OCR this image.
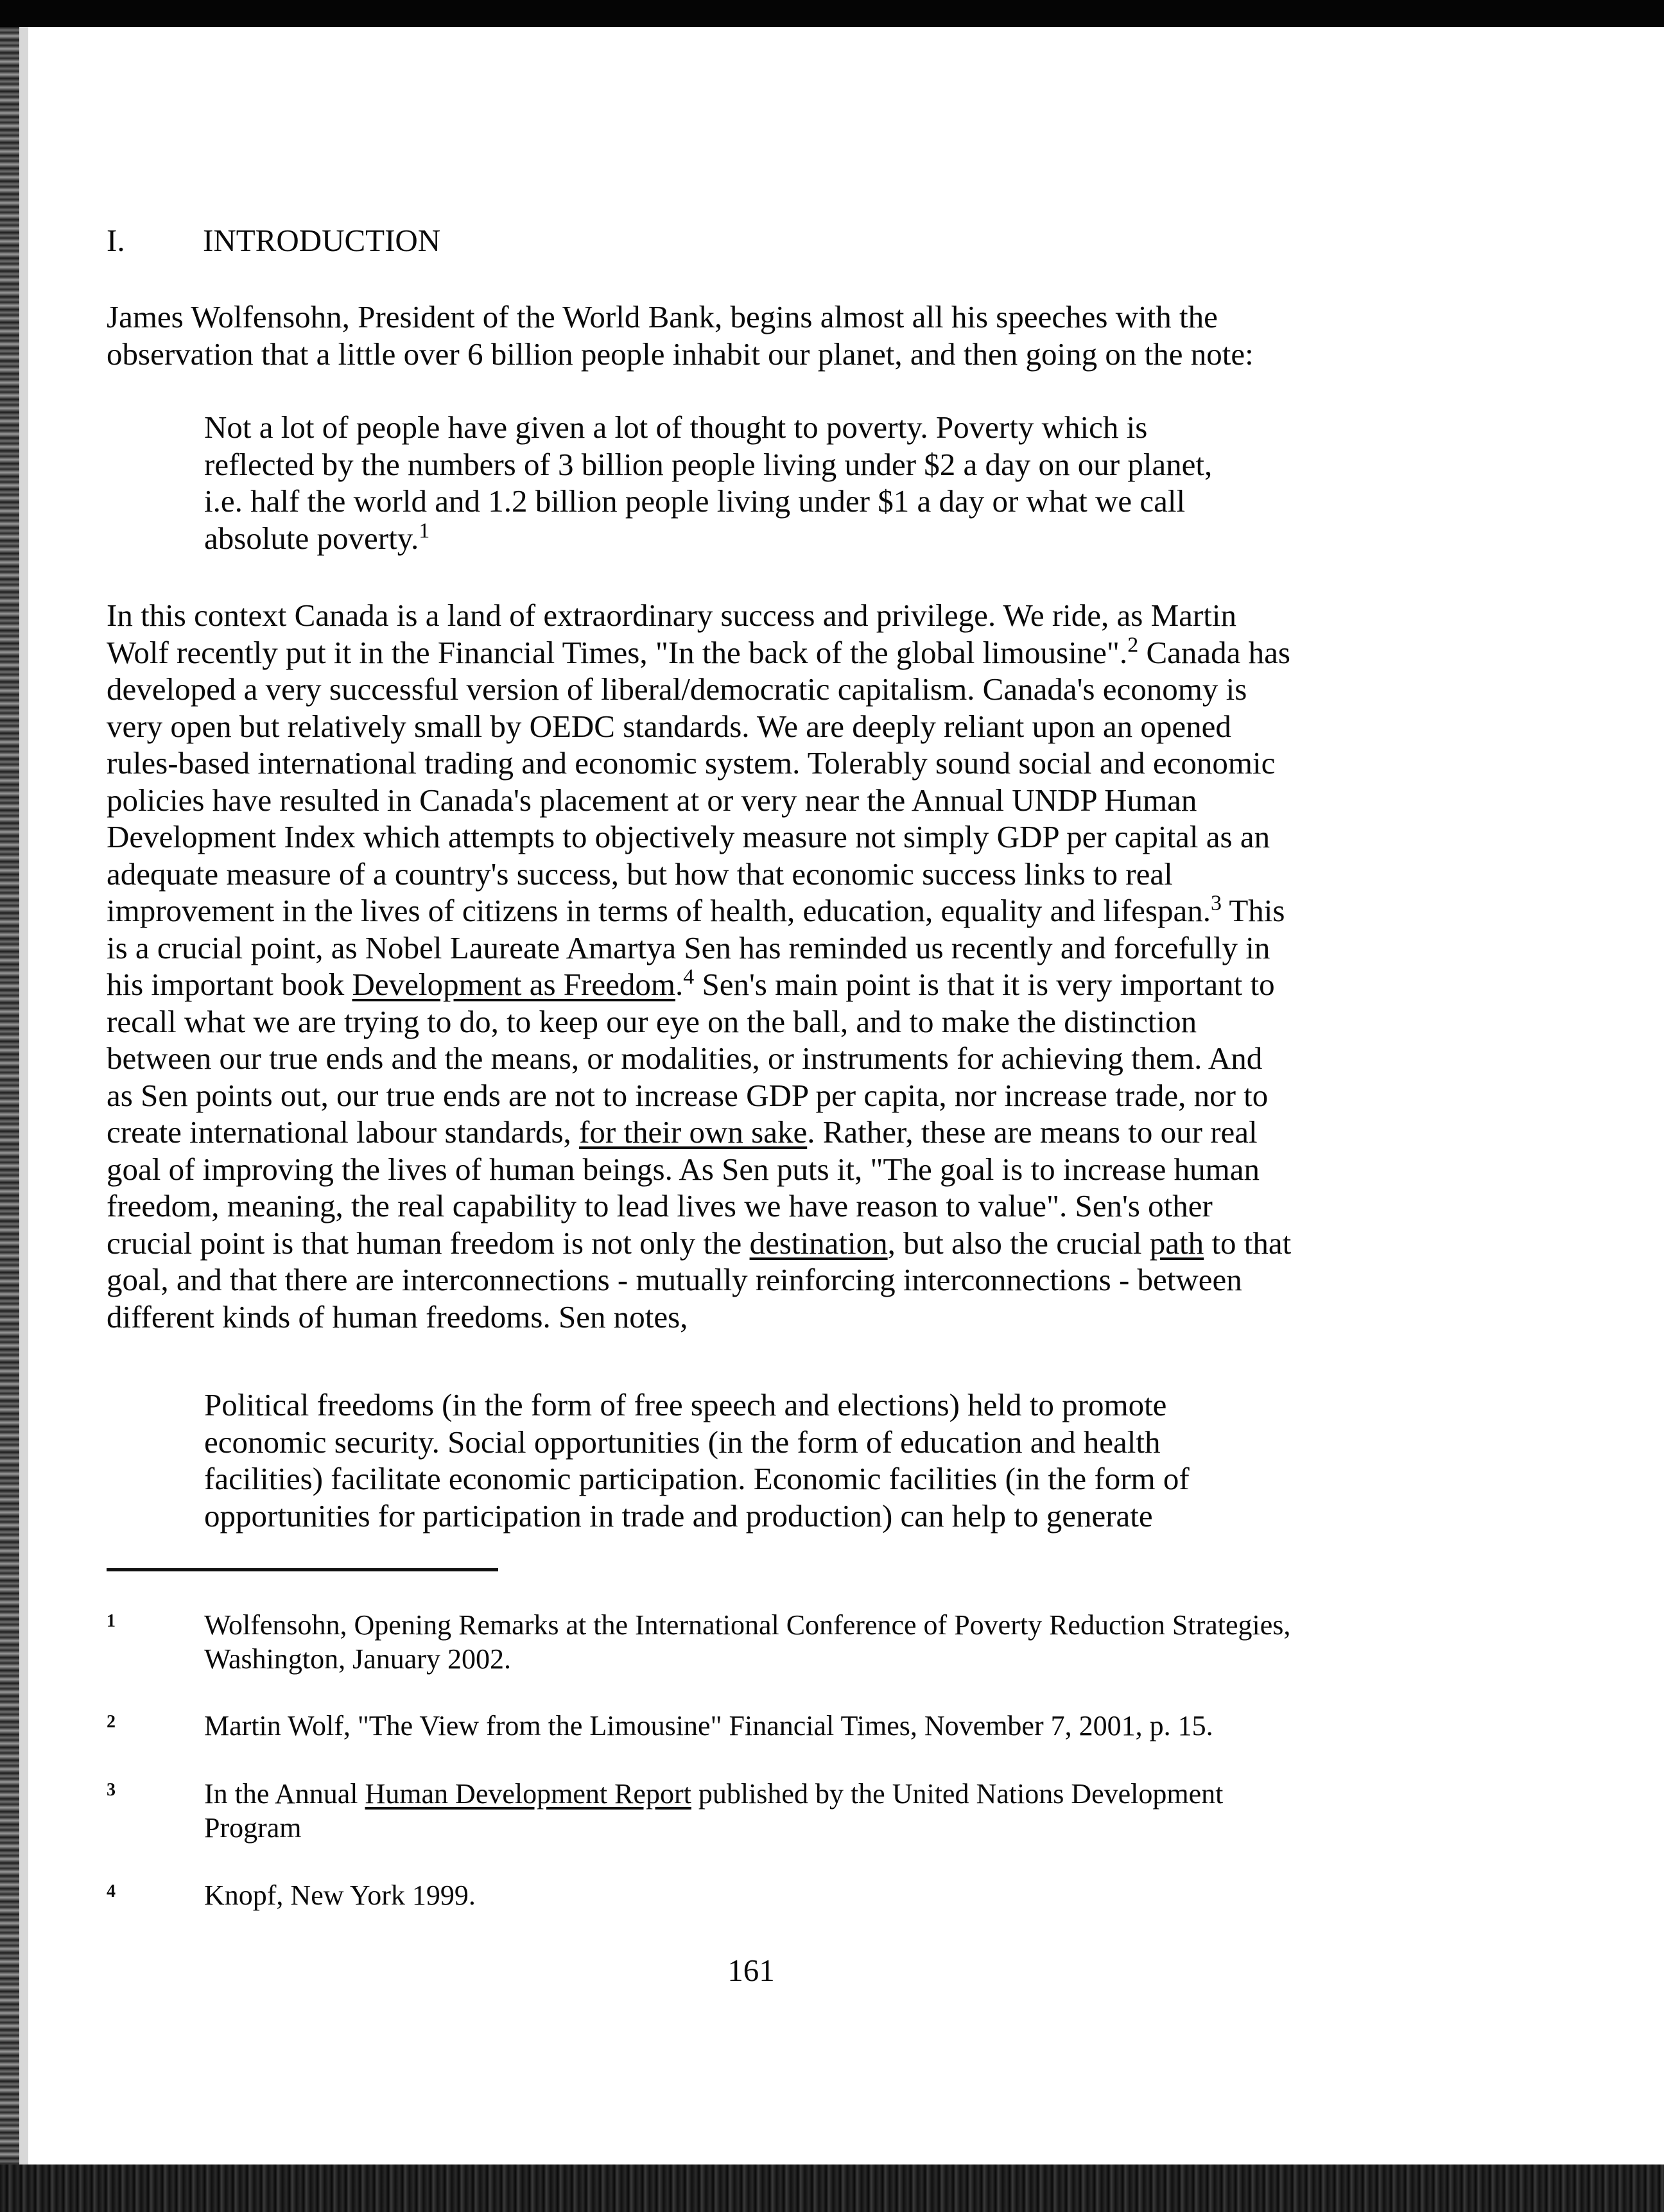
I. INTRODUCTION
James Wolfensohn, President of the World Bank, begins almost all his speeches with the
observation that a little over 6 billion people inhabit our planet, and then going on the note:
Not a lot of people have given a lot of thought to poverty. Poverty which is
reflected by the numbers of 3 billion people living under $2 a day on our planet,
i.e. half the world and 1.2 billion people living under $1 a day or what we call
absolute poverty.$^1$
In this context Canada is a land of extraordinary success and privilege. We ride, as Martin
Wolf recently put it in the Financial Times, "In the back of the global limousine".$^2$ Canada has
developed a very successful version of liberal/democratic capitalism. Canada's economy is
very open but relatively small by OEDC standards. We are deeply reliant upon an opened
rules-based international trading and economic system. Tolerably sound social and economic
policies have resulted in Canada's placement at or very near the Annual UNDP Human
Development Index which attempts to objectively measure not simply GDP per capital as an
adequate measure of a country's success, but how that economic success links to real
improvement in the lives of citizens in terms of health, education, equality and lifespan.$^3$ This
is a crucial point, as Nobel Laureate Amartya Sen has reminded us recently and forcefully in
his important book Development as Freedom.$^4$ Sen's main point is that it is very important to
recall what we are trying to do, to keep our eye on the ball, and to make the distinction
between our true ends and the means, or modalities, or instruments for achieving them. And
as Sen points out, our true ends are not to increase GDP per capita, nor increase trade, nor to
create international labour standards, for their own sake. Rather, these are means to our real
goal of improving the lives of human beings. As Sen puts it, "The goal is to increase human
freedom, meaning, the real capability to lead lives we have reason to value". Sen's other
crucial point is that human freedom is not only the destination, but also the crucial path to that
goal, and that there are interconnections - mutually reinforcing interconnections - between
different kinds of human freedoms. Sen notes,
Political freedoms (in the form of free speech and elections) held to promote
economic security. Social opportunities (in the form of education and health
facilities) facilitate economic participation. Economic facilities (in the form of
opportunities for participation in trade and production) can help to generate
1	Wolfensohn, Opening Remarks at the International Conference of Poverty Reduction Strategies,
Washington, January 2002.
2	Martin Wolf, "The View from the Limousine" Financial Times, November 7, 2001, p. 15.
3	In the Annual Human Development Report published by the United Nations Development
Program
4	Knopf, New York 1999.
161
